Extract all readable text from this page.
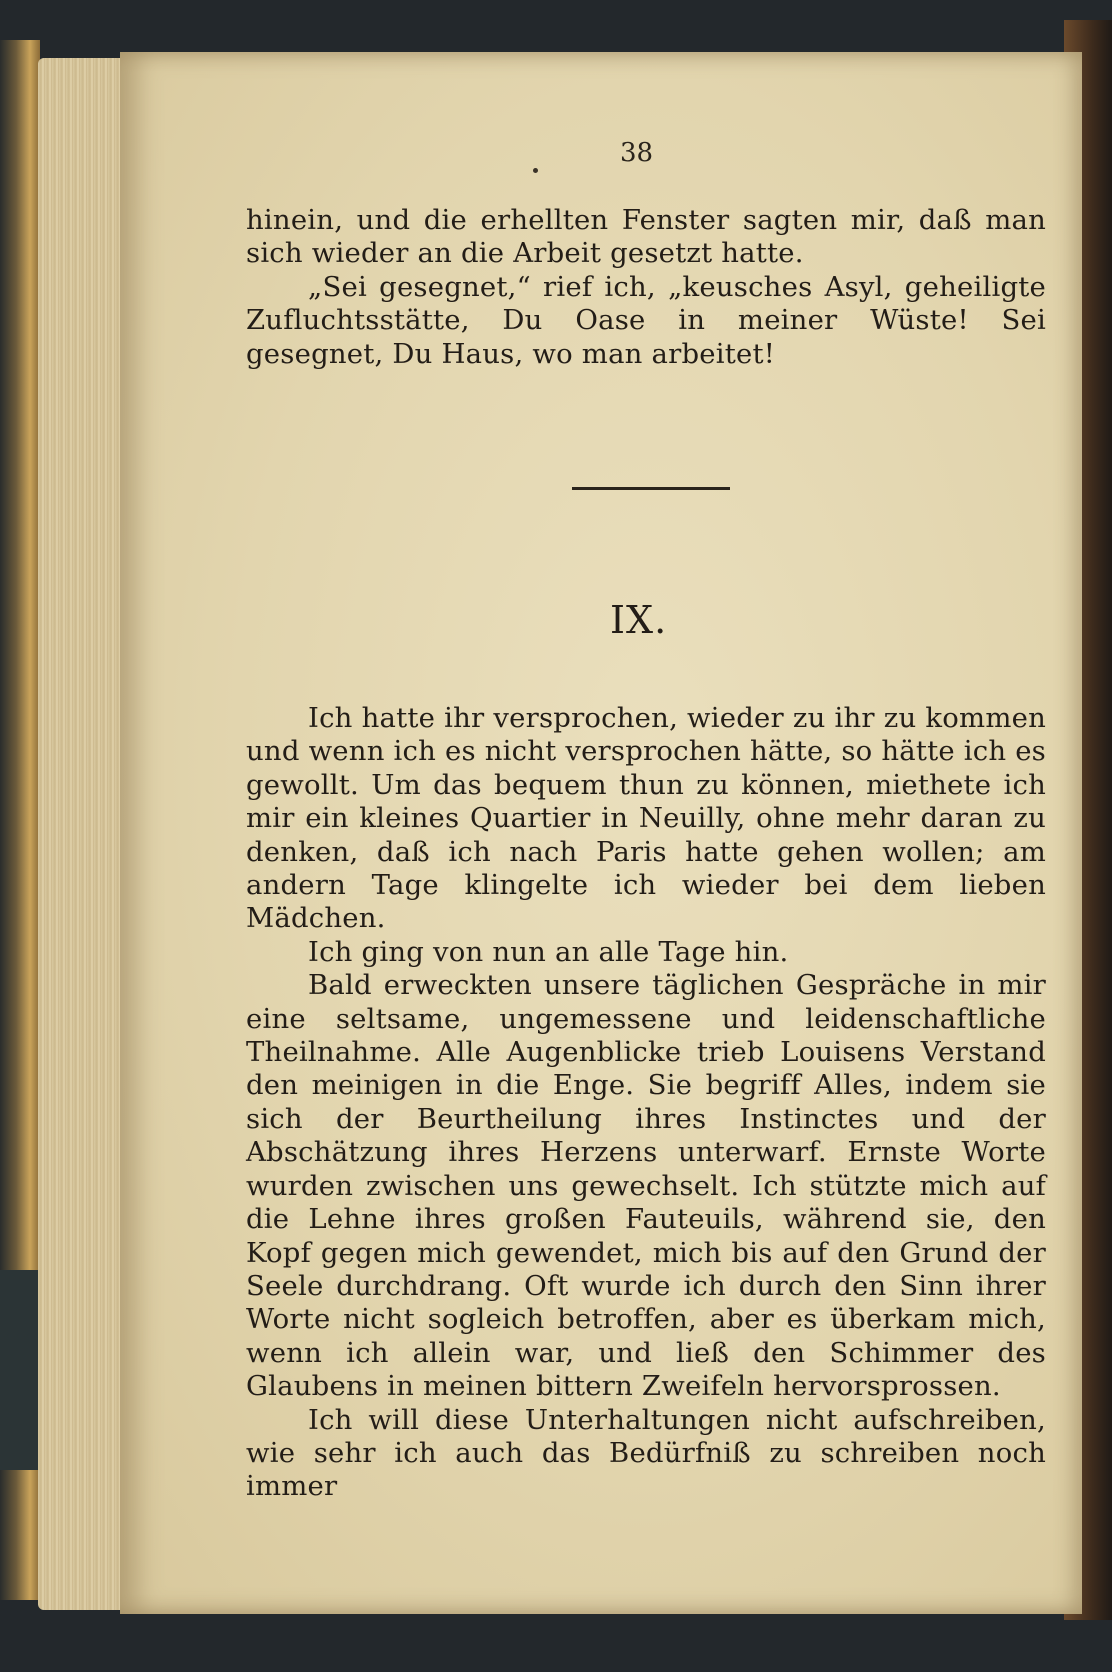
38

hinein, und die erhellten Fenster sagten mir, daß man sich wieder an die Arbeit gesetzt hatte.

„Sei gesegnet,“ rief ich, „keusches Asyl, geheiligte Zufluchtsstätte, Du Oase in meiner Wüste! Sei gesegnet, Du Haus, wo man arbeitet!

IX.

Ich hatte ihr versprochen, wieder zu ihr zu kommen und wenn ich es nicht versprochen hätte, so hätte ich es gewollt. Um das bequem thun zu können, miethete ich mir ein kleines Quartier in Neuilly, ohne mehr daran zu denken, daß ich nach Paris hatte gehen wollen; am andern Tage klingelte ich wieder bei dem lieben Mädchen.

Ich ging von nun an alle Tage hin.

Bald erweckten unsere täglichen Gespräche in mir eine seltsame, ungemessene und leidenschaftliche Theilnahme. Alle Augenblicke trieb Louisens Verstand den meinigen in die Enge. Sie begriff Alles, indem sie sich der Beurtheilung ihres Instinctes und der Abschätzung ihres Herzens unterwarf. Ernste Worte wurden zwischen uns gewechselt. Ich stützte mich auf die Lehne ihres großen Fauteuils, während sie, den Kopf gegen mich gewendet, mich bis auf den Grund der Seele durchdrang. Oft wurde ich durch den Sinn ihrer Worte nicht sogleich betroffen, aber es überkam mich, wenn ich allein war, und ließ den Schimmer des Glaubens in meinen bittern Zweifeln hervorsprossen.

Ich will diese Unterhaltungen nicht aufschreiben, wie sehr ich auch das Bedürfniß zu schreiben noch immer
